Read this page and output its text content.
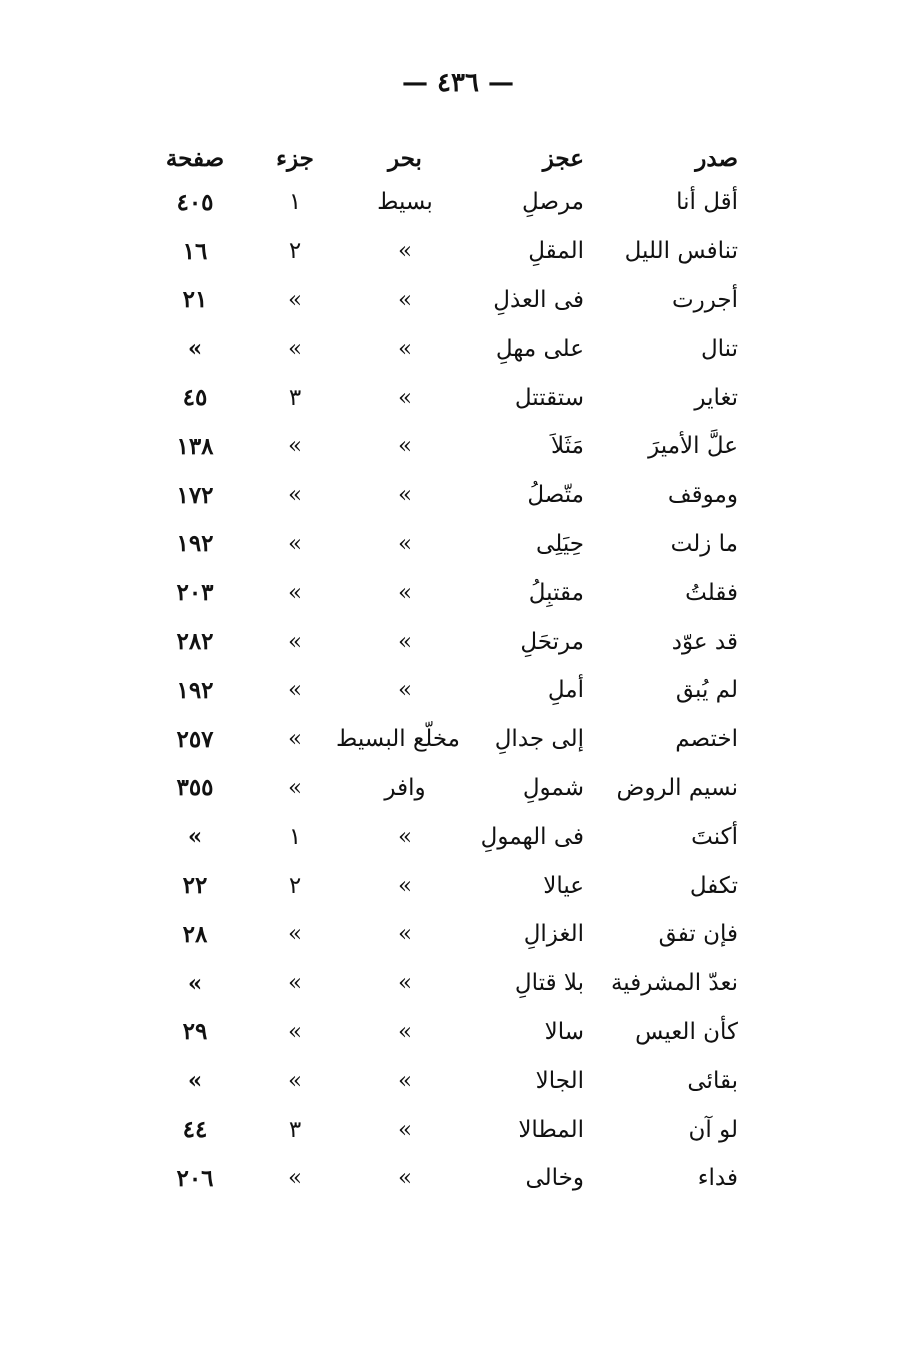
— ٤٣٦ —
صدر
عجز
بحر
جزء
صفحة
أقل أنا
مرصلِ
بسيط
١
٤٠٥
تنافس الليل
المقلِ
»
٢
١٦
أجررت
فى العذلِ
»
»
٢١
تنال
على مهلِ
»
»
»
تغاير
ستقتتل
»
٣
٤٥
علَّ الأميرَ
مَثَلاَ
»
»
١٣٨
وموقف
متّصلُ
»
»
١٧٢
ما زلت
حِيَلِى
»
»
١٩٢
فقلتُ
مقتبِلُ
»
»
٢٠٣
قد عوّد
مرتحَلِ
»
»
٢٨٢
لم يُبق
أملِ
»
»
١٩٢
اختصم
إلى جدالِ
مخلّع البسيط
»
٢٥٧
نسيم الروض
شمولِ
وافر
»
٣٥٥
أكنتَ
فى الهمولِ
»
١
»
تكفل
عيالا
»
٢
٢٢
فإن تفق
الغزالِ
»
»
٢٨
نعدّ المشرفية
بلا قتالِ
»
»
»
كأن العيس
سالا
»
»
٢٩
بقائى
الجالا
»
»
»
لو آن
المطالا
»
٣
٤٤
فداء
وخالى
»
»
٢٠٦
